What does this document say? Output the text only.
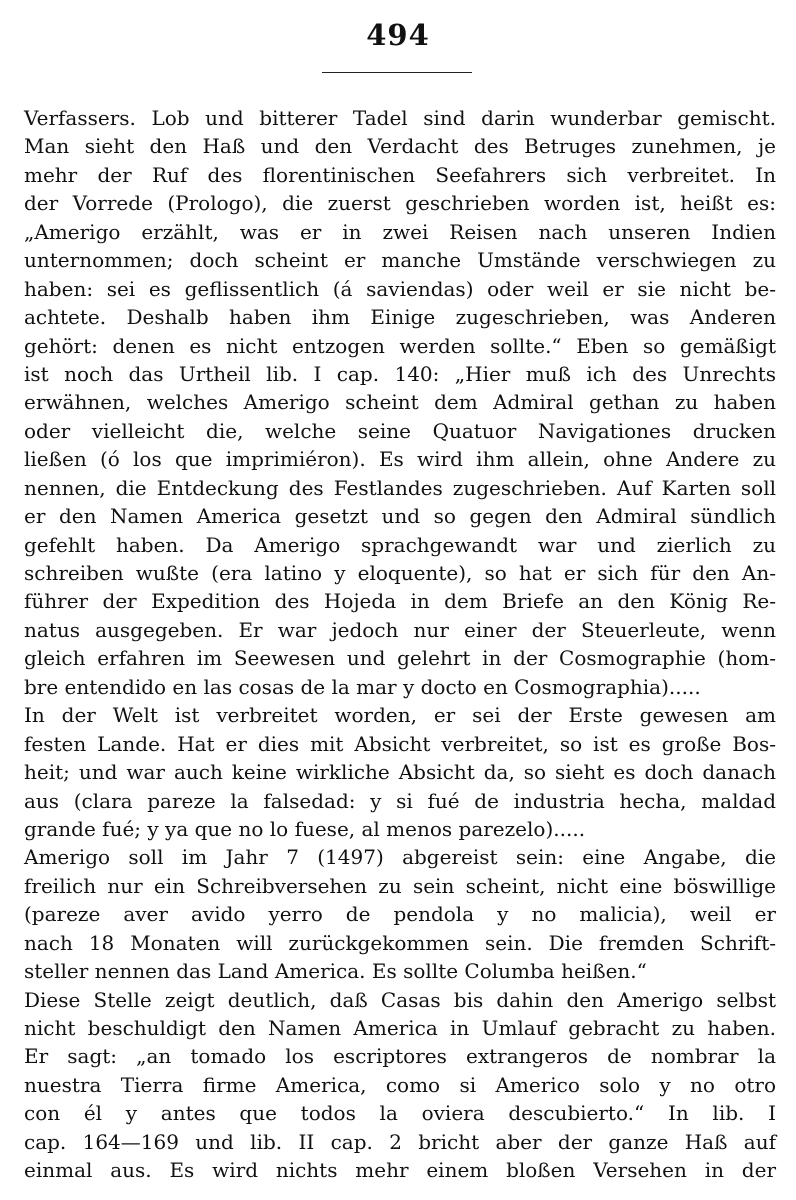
494
Verfassers. Lob und bitterer Tadel sind darin wunderbar gemischt.
Man sieht den Haß und den Verdacht des Betruges zunehmen, je
mehr der Ruf des florentinischen Seefahrers sich verbreitet. In
der Vorrede (Prologo), die zuerst geschrieben worden ist, heißt es:
„Amerigo erzählt, was er in zwei Reisen nach unseren Indien
unternommen; doch scheint er manche Umstände verschwiegen zu
haben: sei es geflissentlich (á saviendas) oder weil er sie nicht be-
achtete. Deshalb haben ihm Einige zugeschrieben, was Anderen
gehört: denen es nicht entzogen werden sollte.“ Eben so gemäßigt
ist noch das Urtheil lib. I cap. 140: „Hier muß ich des Unrechts
erwähnen, welches Amerigo scheint dem Admiral gethan zu haben
oder vielleicht die, welche seine Quatuor Navigationes drucken
ließen (ó los que imprimiéron). Es wird ihm allein, ohne Andere zu
nennen, die Entdeckung des Festlandes zugeschrieben. Auf Karten soll
er den Namen America gesetzt und so gegen den Admiral sündlich
gefehlt haben. Da Amerigo sprachgewandt war und zierlich zu
schreiben wußte (era latino y eloquente), so hat er sich für den An-
führer der Expedition des Hojeda in dem Briefe an den König Re-
natus ausgegeben. Er war jedoch nur einer der Steuerleute, wenn
gleich erfahren im Seewesen und gelehrt in der Cosmographie (hom-
bre entendido en las cosas de la mar y docto en Cosmographia).....
In der Welt ist verbreitet worden, er sei der Erste gewesen am
festen Lande. Hat er dies mit Absicht verbreitet, so ist es große Bos-
heit; und war auch keine wirkliche Absicht da, so sieht es doch danach
aus (clara pareze la falsedad: y si fué de industria hecha, maldad
grande fué; y ya que no lo fuese, al menos parezelo).....
Amerigo soll im Jahr 7 (1497) abgereist sein: eine Angabe, die
freilich nur ein Schreibversehen zu sein scheint, nicht eine böswillige
(pareze aver avido yerro de pendola y no malicia), weil er
nach 18 Monaten will zurückgekommen sein. Die fremden Schrift-
steller nennen das Land America. Es sollte Columba heißen.“
Diese Stelle zeigt deutlich, daß Casas bis dahin den Amerigo selbst
nicht beschuldigt den Namen America in Umlauf gebracht zu haben.
Er sagt: „an tomado los escriptores extrangeros de nombrar la
nuestra Tierra firme America, como si Americo solo y no otro
con él y antes que todos la oviera descubierto.“ In lib. I
cap. 164—169 und lib. II cap. 2 bricht aber der ganze Haß auf
einmal aus. Es wird nichts mehr einem bloßen Versehen in der
